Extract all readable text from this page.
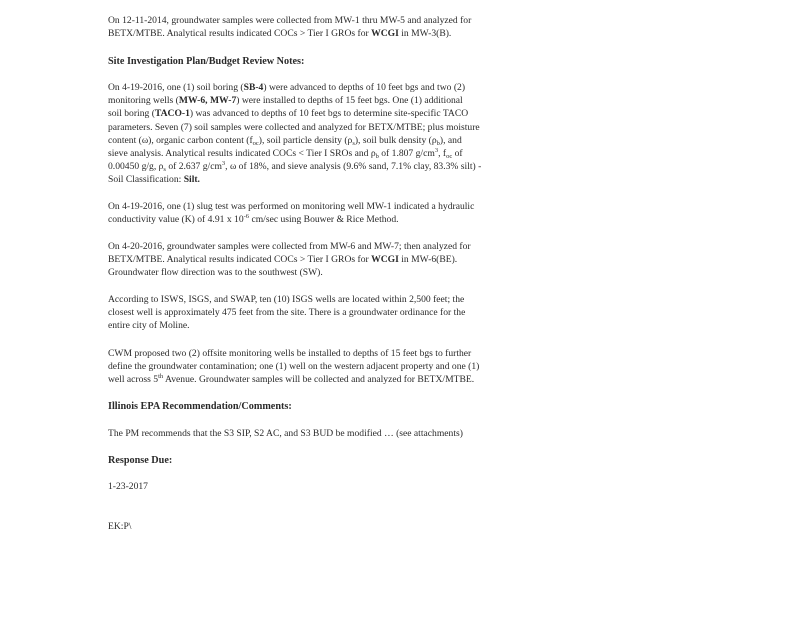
On 12-11-2014, groundwater samples were collected from MW-1 thru MW-5 and analyzed for
BETX/MTBE. Analytical results indicated COCs > Tier I GROs for WCGI in MW-3(B).
Site Investigation Plan/Budget Review Notes:
On 4-19-2016, one (1) soil boring (SB-4) were advanced to depths of 10 feet bgs and two (2)
monitoring wells (MW-6, MW-7) were installed to depths of 15 feet bgs. One (1) additional
soil boring (TACO-1) was advanced to depths of 10 feet bgs to determine site-specific TACO
parameters. Seven (7) soil samples were collected and analyzed for BETX/MTBE; plus moisture
content (ω), organic carbon content $(f_{oc})$, soil particle density $(\rho_s)$, soil bulk density $(\rho_b)$, and
sieve analysis. Analytical results indicated COCs < Tier I SROs and $\rho_b$ of 1.807 $g/cm^3$, $f_{oc}$ of
0.00450 g/g, $\rho_s$ of 2.637 $g/cm^3$, ω of 18%, and sieve analysis (9.6% sand, 7.1% clay, 83.3% silt) -
Soil Classification: Silt.
On 4-19-2016, one (1) slug test was performed on monitoring well MW-1 indicated a hydraulic
conductivity value (K) of 4.91 x $10^{-6}$ cm/sec using Bouwer & Rice Method.
On 4-20-2016, groundwater samples were collected from MW-6 and MW-7; then analyzed for
BETX/MTBE. Analytical results indicated COCs > Tier I GROs for WCGI in MW-6(BE).
Groundwater flow direction was to the southwest (SW).
According to ISWS, ISGS, and SWAP, ten (10) ISGS wells are located within 2,500 feet; the
closest well is approximately 475 feet from the site. There is a groundwater ordinance for the
entire city of Moline.
CWM proposed two (2) offsite monitoring wells be installed to depths of 15 feet bgs to further
define the groundwater contamination; one (1) well on the western adjacent property and one (1)
well across 5th Avenue. Groundwater samples will be collected and analyzed for BETX/MTBE.
Illinois EPA Recommendation/Comments:
The PM recommends that the S3 SIP, S2 AC, and S3 BUD be modified … (see attachments)
Response Due:
1-23-2017
EK:P\
